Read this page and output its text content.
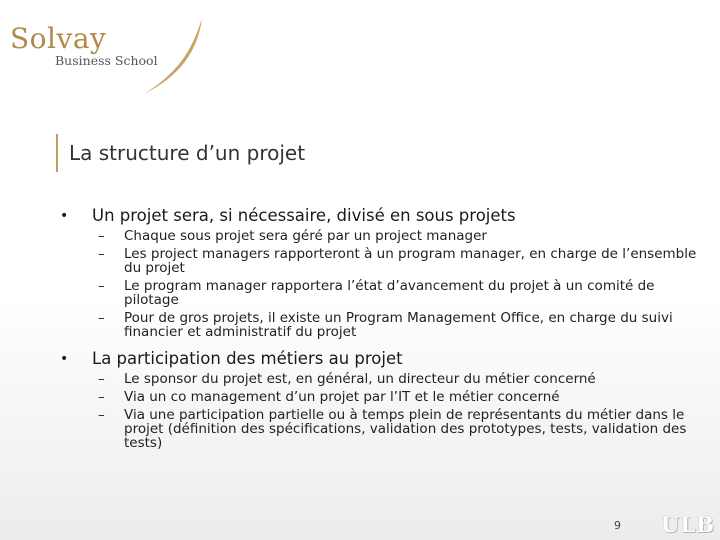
Solvay
Business School
La structure d’un projet
• Un projet sera, si nécessaire, divisé en sous projets
– Chaque sous projet sera géré par un project manager
– Les project managers rapporteront à un program manager, en charge de l’ensemble du projet
– Le program manager rapportera l’état d’avancement du projet à un comité de pilotage
– Pour de gros projets, il existe un Program Management Office, en charge du suivi financier et administratif du projet
• La participation des métiers au projet
– Le sponsor du projet est, en général, un directeur du métier concerné
– Via un co management d’un projet par l’IT et le métier concerné
– Via une participation partielle ou à temps plein de représentants du métier dans le projet (définition des spécifications, validation des prototypes, tests, validation des tests)
9 ULB
